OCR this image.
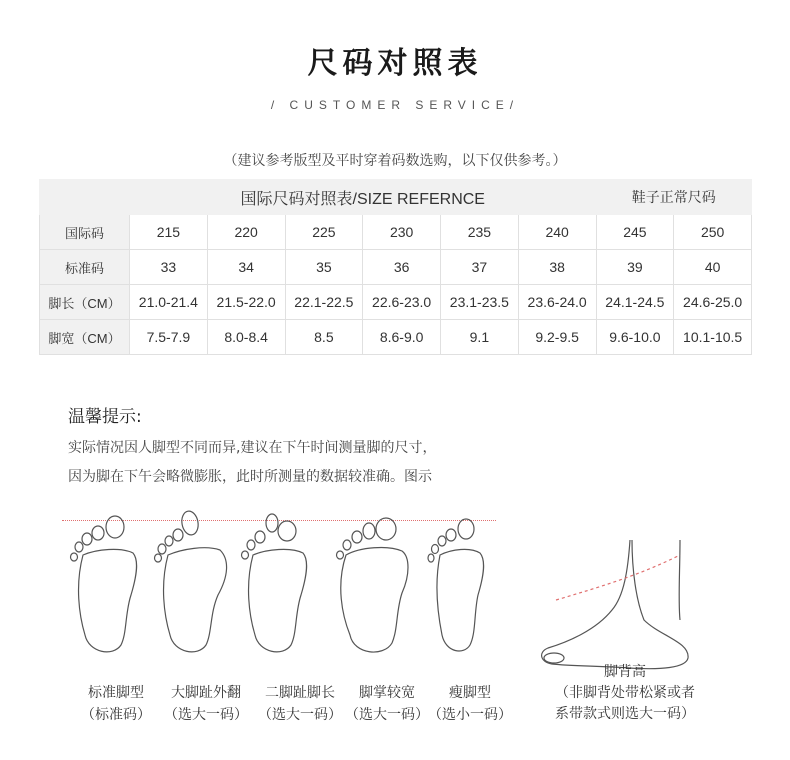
尺码对照表
/ CUSTOMER SERVICE/
（建议参考版型及平时穿着码数选购，以下仅供参考。）
	国际尺码对照表/SIZE REFERNCE						鞋子正常尺码	
国际码	215	220	225	230	235	240	245	250
标准码	33	34	35	36	37	38	39	40
脚长（CM）	21.0-21.4	21.5-22.0	22.1-22.5	22.6-23.0	23.1-23.5	23.6-24.0	24.1-24.5	24.6-25.0
脚宽（CM）	7.5-7.9	8.0-8.4	8.5	8.6-9.0	9.1	9.2-9.5	9.6-10.0	10.1-10.5
温馨提示:
实际情况因人脚型不同而异,建议在下午时间测量脚的尺寸，
因为脚在下午会略微膨胀，此时所测量的数据较准确。图示
标准脚型
（标准码）
大脚趾外翻
（选大一码）
二脚趾脚长
（选大一码）
脚掌较宽
（选大一码）
瘦脚型
（选小一码）
脚背高
（非脚背处带松紧或者
系带款式则选大一码）
